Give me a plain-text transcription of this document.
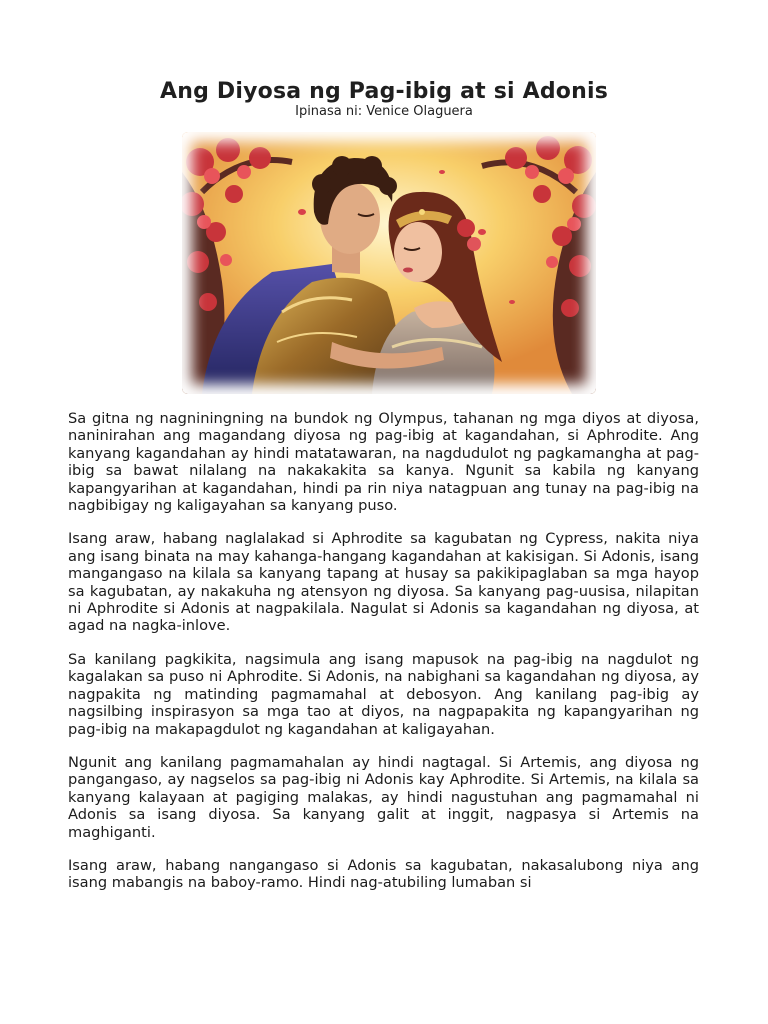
Ang Diyosa ng Pag-ibig at si Adonis
Ipinasa ni: Venice Olaguera

Sa gitna ng nagniningning na bundok ng Olympus, tahanan ng mga diyos at diyosa, naninirahan ang magandang diyosa ng pag-ibig at kagandahan, si Aphrodite. Ang kanyang kagandahan ay hindi matatawaran, na nagdudulot ng pagkamangha at pag-ibig sa bawat nilalang na nakakakita sa kanya. Ngunit sa kabila ng kanyang kapangyarihan at kagandahan, hindi pa rin niya natagpuan ang tunay na pag-ibig na nagbibigay ng kaligayahan sa kanyang puso.

Isang araw, habang naglalakad si Aphrodite sa kagubatan ng Cypress, nakita niya ang isang binata na may kahanga-hangang kagandahan at kakisigan. Si Adonis, isang mangangaso na kilala sa kanyang tapang at husay sa pakikipaglaban sa mga hayop sa kagubatan, ay nakakuha ng atensyon ng diyosa. Sa kanyang pag-uusisa, nilapitan ni Aphrodite si Adonis at nagpakilala. Nagulat si Adonis sa kagandahan ng diyosa, at agad na nagka-inlove.

Sa kanilang pagkikita, nagsimula ang isang mapusok na pag-ibig na nagdulot ng kagalakan sa puso ni Aphrodite. Si Adonis, na nabighani sa kagandahan ng diyosa, ay nagpakita ng matinding pagmamahal at debosyon. Ang kanilang pag-ibig ay nagsilbing inspirasyon sa mga tao at diyos, na nagpapakita ng kapangyarihan ng pag-ibig na makapagdulot ng kagandahan at kaligayahan.

Ngunit ang kanilang pagmamahalan ay hindi nagtagal. Si Artemis, ang diyosa ng pangangaso, ay nagselos sa pag-ibig ni Adonis kay Aphrodite. Si Artemis, na kilala sa kanyang kalayaan at pagiging malakas, ay hindi nagustuhan ang pagmamahal ni Adonis sa isang diyosa. Sa kanyang galit at inggit, nagpasya si Artemis na maghiganti.

Isang araw, habang nangangaso si Adonis sa kagubatan, nakasalubong niya ang isang mabangis na baboy-ramo. Hindi nag-atubiling lumaban si
